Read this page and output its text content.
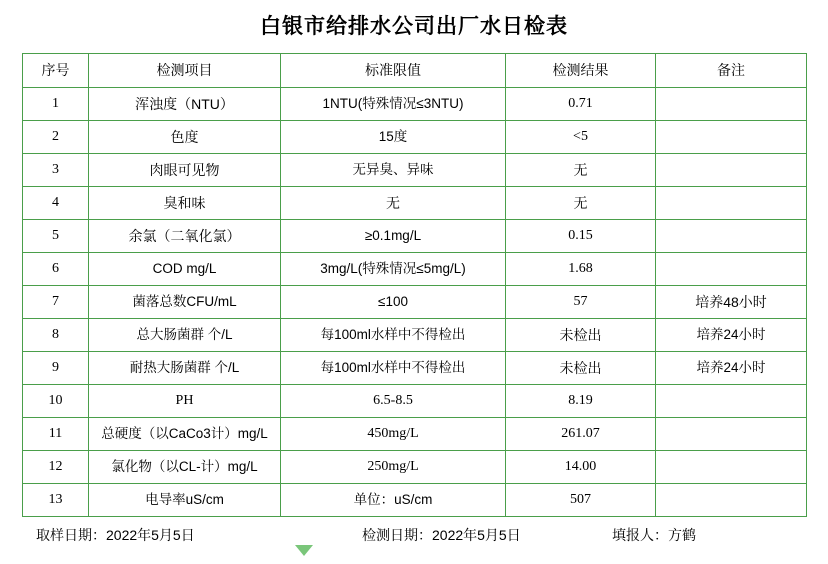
白银市给排水公司出厂水日检表
序号	检测项目	标准限值	检测结果	备注

1	浑浊度（NTU）	1NTU(特殊情况≤3NTU)	0.71	

2	色度	15度	<5	

3	肉眼可见物	无异臭、异味	无	

4	臭和味	无	无	

5	余氯（二氧化氯）	≥0.1mg/L	0.15	

6	COD mg/L	3mg/L(特殊情况≤5mg/L)	1.68	

7	菌落总数CFU/mL	≤100	57	培养48小时

8	总大肠菌群 个/L	每100ml水样中不得检出	未检出	培养24小时

9	耐热大肠菌群 个/L	每100ml水样中不得检出	未检出	培养24小时

10	PH	6.5-8.5	8.19	

11	总硬度（以CaCo3计）mg/L	450mg/L	261.07	

12	氯化物（以CL-计）mg/L	250mg/L	14.00	

13	电导率uS/cm	单位：uS/cm	507	

取样日期：2022年5月5日	检测日期：2022年5月5日	填报人：方鹤
